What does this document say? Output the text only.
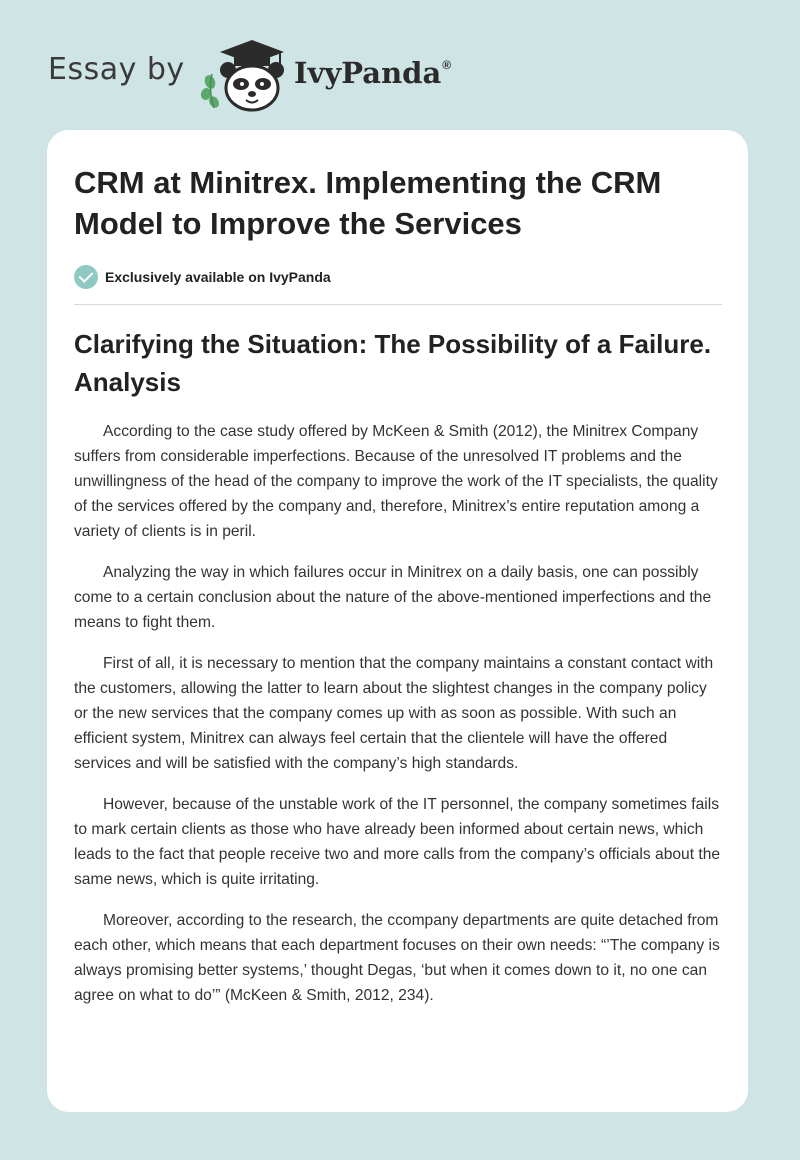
Essay by	IvyPanda®
CRM at Minitrex. Implementing the CRM Model to Improve the Services
Exclusively available on IvyPanda
Clarifying the Situation: The Possibility of a Failure. Analysis

According to the case study offered by McKeen & Smith (2012), the Minitrex Company suffers from considerable imperfections. Because of the unresolved IT problems and the unwillingness of the head of the company to improve the work of the IT specialists, the quality of the services offered by the company and, therefore, Minitrex’s entire reputation among a variety of clients is in peril.

Analyzing the way in which failures occur in Minitrex on a daily basis, one can possibly come to a certain conclusion about the nature of the above-mentioned imperfections and the means to fight them.

First of all, it is necessary to mention that the company maintains a constant contact with the customers, allowing the latter to learn about the slightest changes in the company policy or the new services that the company comes up with as soon as possible. With such an efficient system, Minitrex can always feel certain that the clientele will have the offered services and will be satisfied with the company’s high standards.

However, because of the unstable work of the IT personnel, the company sometimes fails to mark certain clients as those who have already been informed about certain news, which leads to the fact that people receive two and more calls from the company’s officials about the same news, which is quite irritating.

Moreover, according to the research, the ccompany departments are quite detached from each other, which means that each department focuses on their own needs: “’The company is always promising better systems,’ thought Degas, ‘but when it comes down to it, no one can agree on what to do’” (McKeen & Smith, 2012, 234).
